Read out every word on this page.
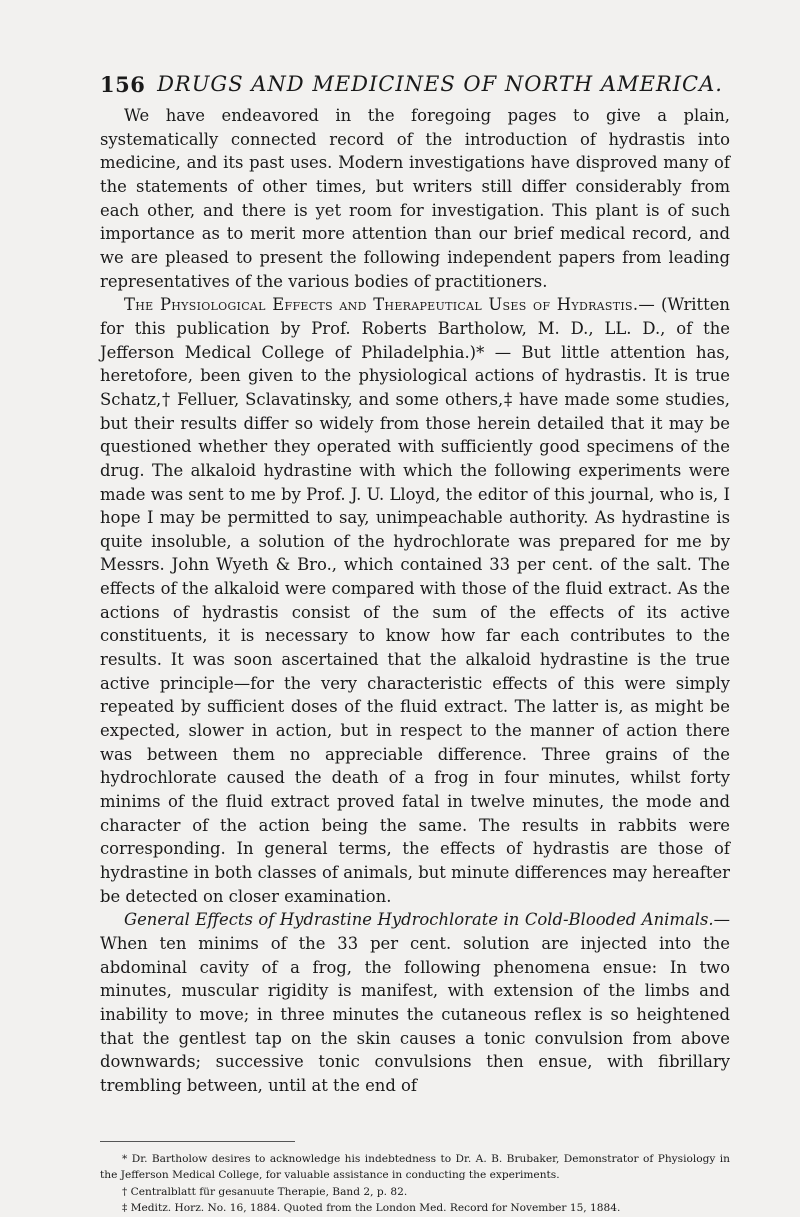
156 DRUGS AND MEDICINES OF NORTH AMERICA.

We have endeavored in the foregoing pages to give a plain, systematically connected record of the introduction of hydrastis into medicine, and its past uses. Modern investigations have disproved many of the statements of other times, but writers still differ considerably from each other, and there is yet room for investigation. This plant is of such importance as to merit more attention than our brief medical record, and we are pleased to present the following independent papers from leading representatives of the various bodies of practitioners.

The Physiological Effects and Therapeutical Uses of Hydrastis.— (Written for this publication by Prof. Roberts Bartholow, M. D., LL. D., of the Jefferson Medical College of Philadelphia.)* — But little attention has, heretofore, been given to the physiological actions of hydrastis. It is true Schatz,† Felluer, Sclavatinsky, and some others,‡ have made some studies, but their results differ so widely from those herein detailed that it may be questioned whether they operated with sufficiently good specimens of the drug. The alkaloid hydrastine with which the following experiments were made was sent to me by Prof. J. U. Lloyd, the editor of this journal, who is, I hope I may be permitted to say, unimpeachable authority. As hydrastine is quite insoluble, a solution of the hydrochlorate was prepared for me by Messrs. John Wyeth & Bro., which contained 33 per cent. of the salt. The effects of the alkaloid were compared with those of the fluid extract. As the actions of hydrastis consist of the sum of the effects of its active constituents, it is necessary to know how far each contributes to the results. It was soon ascertained that the alkaloid hydrastine is the true active principle—for the very characteristic effects of this were simply repeated by sufficient doses of the fluid extract. The latter is, as might be expected, slower in action, but in respect to the manner of action there was between them no appreciable difference. Three grains of the hydrochlorate caused the death of a frog in four minutes, whilst forty minims of the fluid extract proved fatal in twelve minutes, the mode and character of the action being the same. The results in rabbits were corresponding. In general terms, the effects of hydrastis are those of hydrastine in both classes of animals, but minute differences may hereafter be detected on closer examination.

General Effects of Hydrastine Hydrochlorate in Cold-Blooded Animals.— When ten minims of the 33 per cent. solution are injected into the abdominal cavity of a frog, the following phenomena ensue: In two minutes, muscular rigidity is manifest, with extension of the limbs and inability to move; in three minutes the cutaneous reflex is so heightened that the gentlest tap on the skin causes a tonic convulsion from above downwards; successive tonic convulsions then ensue, with fibrillary trembling between, until at the end of

* Dr. Bartholow desires to acknowledge his indebtedness to Dr. A. B. Brubaker, Demonstrator of Physiology in the Jefferson Medical College, for valuable assistance in conducting the experiments.

† Centralblatt für gesanuute Therapie, Band 2, p. 82.

‡ Meditz. Horz. No. 16, 1884. Quoted from the London Med. Record for November 15, 1884.
